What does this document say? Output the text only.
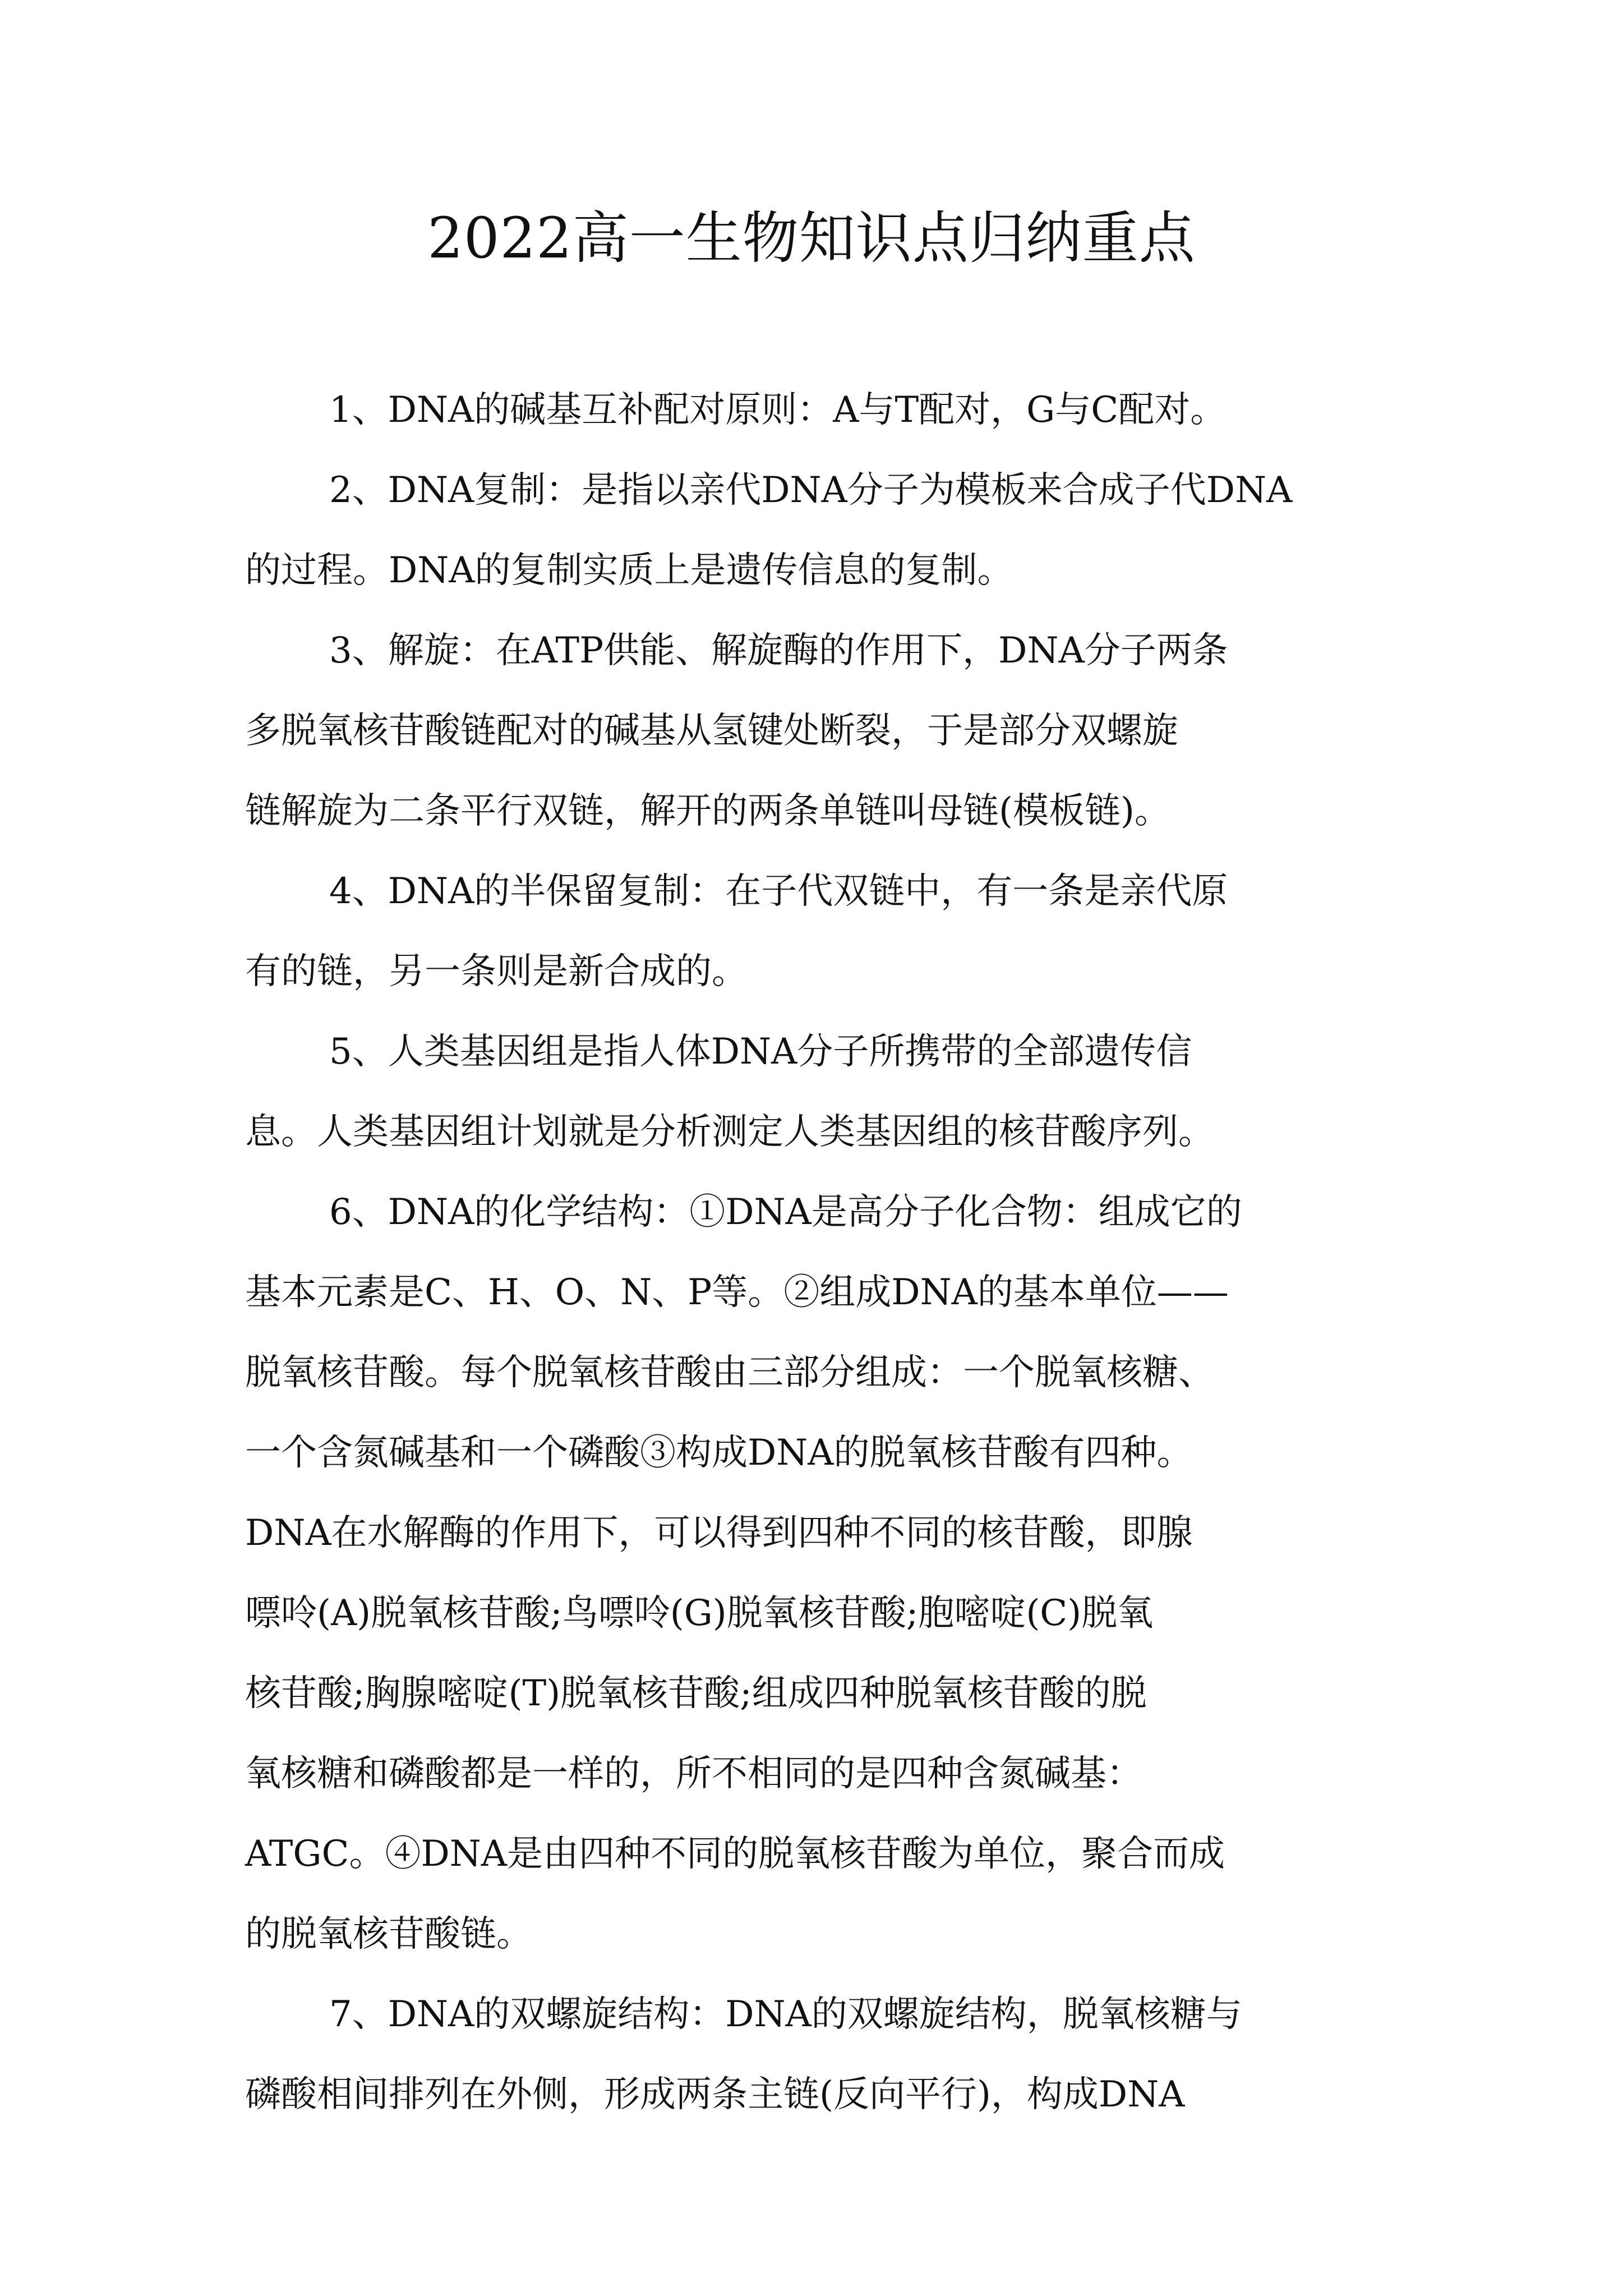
2022高一生物知识点归纳重点

1、DNA的碱基互补配对原则：A与T配对，G与C配对。

2、DNA复制：是指以亲代DNA分子为模板来合成子代DNA
的过程。DNA的复制实质上是遗传信息的复制。

3、解旋：在ATP供能、解旋酶的作用下，DNA分子两条
多脱氧核苷酸链配对的碱基从氢键处断裂，于是部分双螺旋
链解旋为二条平行双链，解开的两条单链叫母链(模板链)。

4、DNA的半保留复制：在子代双链中，有一条是亲代原
有的链，另一条则是新合成的。

5、人类基因组是指人体DNA分子所携带的全部遗传信
息。人类基因组计划就是分析测定人类基因组的核苷酸序列。

6、DNA的化学结构：①DNA是高分子化合物：组成它的
基本元素是C、H、O、N、P等。②组成DNA的基本单位——
脱氧核苷酸。每个脱氧核苷酸由三部分组成：一个脱氧核糖、
一个含氮碱基和一个磷酸③构成DNA的脱氧核苷酸有四种。
DNA在水解酶的作用下，可以得到四种不同的核苷酸，即腺
嘌呤(A)脱氧核苷酸;鸟嘌呤(G)脱氧核苷酸;胞嘧啶(C)脱氧
核苷酸;胸腺嘧啶(T)脱氧核苷酸;组成四种脱氧核苷酸的脱
氧核糖和磷酸都是一样的，所不相同的是四种含氮碱基：
ATGC。④DNA是由四种不同的脱氧核苷酸为单位，聚合而成
的脱氧核苷酸链。

7、DNA的双螺旋结构：DNA的双螺旋结构，脱氧核糖与
磷酸相间排列在外侧，形成两条主链(反向平行)，构成DNA
